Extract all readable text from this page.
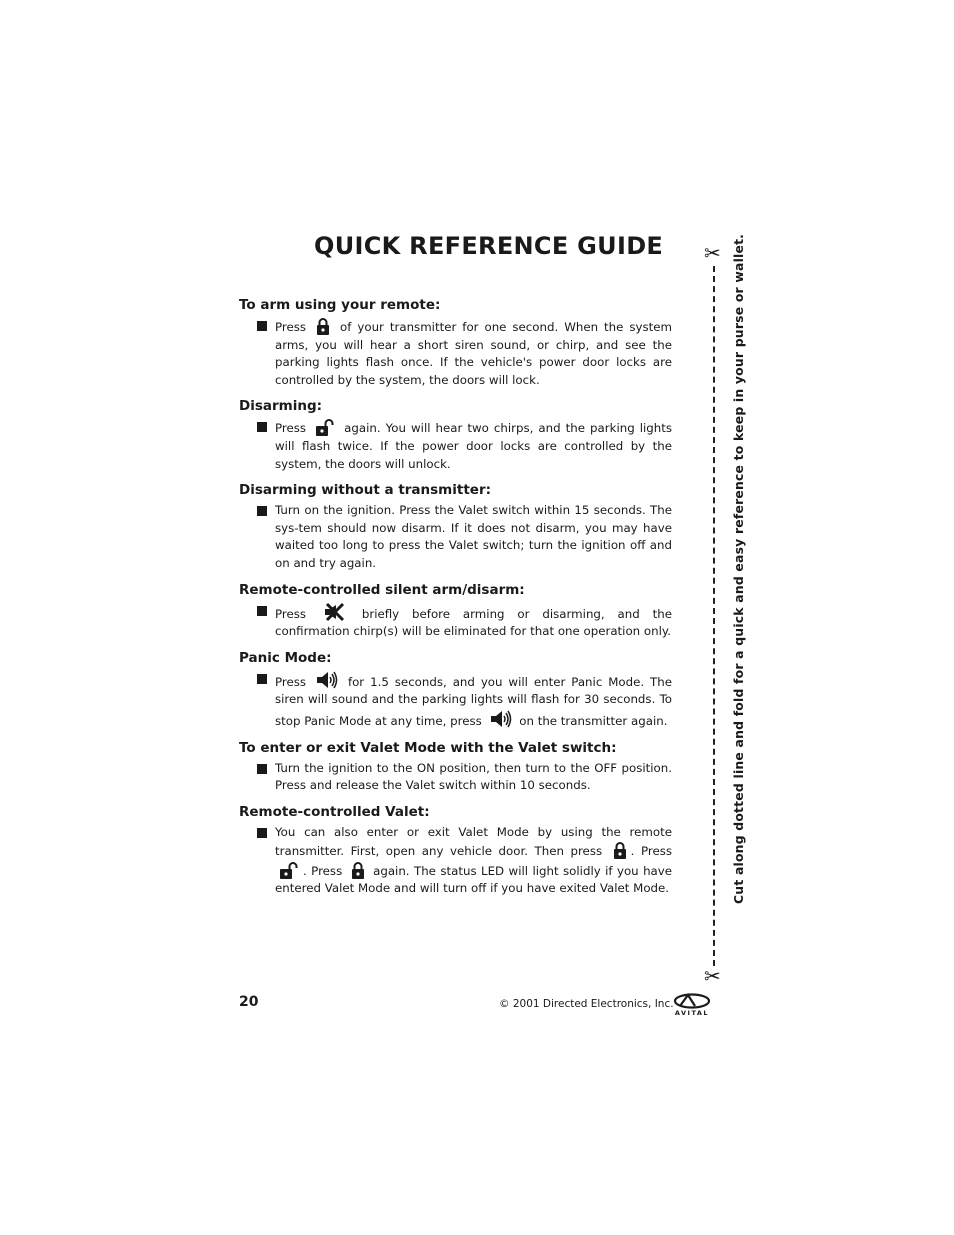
QUICK REFERENCE GUIDE
To arm using your remote:
Press	of your transmitter for one second. When the system arms, you will hear a short siren sound, or chirp, and see the parking lights flash once. If the vehicle's power door locks are controlled by the system, the doors will lock.
Disarming:
Press	again. You will hear two chirps, and the parking lights will flash twice. If the power door locks are controlled by the system, the doors will unlock.
Disarming without a transmitter:
Turn on the ignition. Press the Valet switch within 15 seconds. The sys-tem should now disarm. If it does not disarm, you may have waited too long to press the Valet switch; turn the ignition off and on and try again.
Remote-controlled silent arm/disarm:
Press	briefly before arming or disarming, and the confirmation chirp(s) will be eliminated for that one operation only.
Panic Mode:
Press	for 1.5 seconds, and you will enter Panic Mode. The siren will sound and the parking lights will flash for 30 seconds. To stop Panic Mode at any time, press	on the transmitter again.
To enter or exit Valet Mode with the Valet switch:
Turn the ignition to the ON position, then turn to the OFF position. Press and release the Valet switch within 10 seconds.
Remote-controlled Valet:
You can also enter or exit Valet Mode by using the remote transmitter. First, open any vehicle door. Then press . Press . Press	again. The status LED will light solidly if you have entered Valet Mode and will turn off if you have exited Valet Mode.
✂
✂
Cut along dotted line and fold for a quick and easy reference to keep in your purse or wallet.
20	© 2001 Directed Electronics, Inc.
AVITAL
